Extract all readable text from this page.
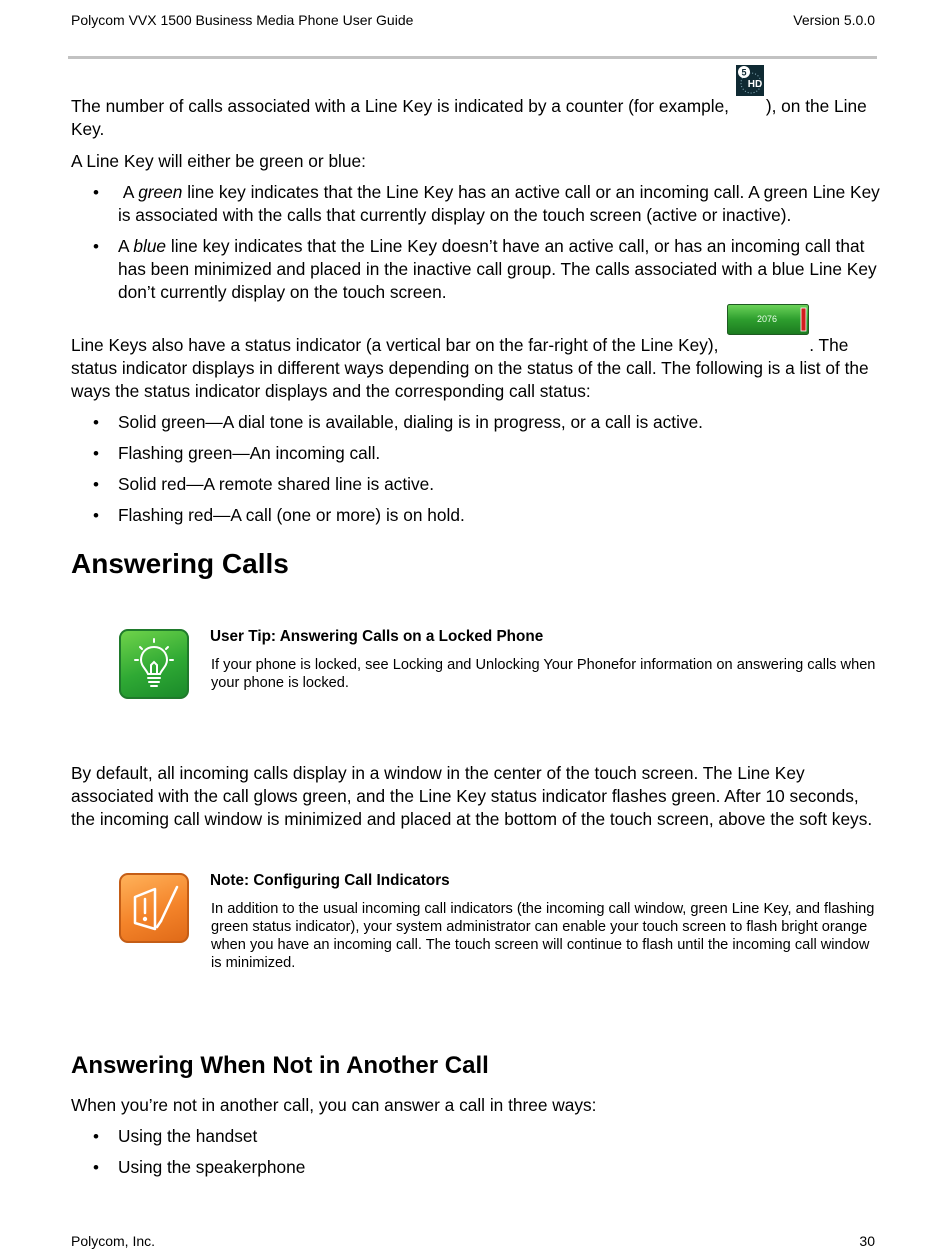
Polycom VVX 1500 Business Media Phone User Guide	Version 5.0.0

The number of calls associated with a Line Key is indicated by a counter (for example,
5
HD
), on the Line Key.

A Line Key will either be green or blue:

• A green line key indicates that the Line Key has an active call or an incoming call. A green Line Key is associated with the calls that currently display on the touch screen (active or inactive).
• A blue line key indicates that the Line Key doesn’t have an active call, or has an incoming call that has been minimized and placed in the inactive call group. The calls associated with a blue Line Key don’t currently display on the touch screen.

Line Keys also have a status indicator (a vertical bar on the far-right of the Line Key),
2076
. The status indicator displays in different ways depending on the status of the call. The following is a list of the ways the status indicator displays and the corresponding call status:

• Solid green—A dial tone is available, dialing is in progress, or a call is active.
• Flashing green—An incoming call.
• Solid red—A remote shared line is active.
• Flashing red—A call (one or more) is on hold.
Answering Calls
User Tip: Answering Calls on a Locked Phone
If your phone is locked, see Locking and Unlocking Your Phonefor information on answering calls when your phone is locked.
By default, all incoming calls display in a window in the center of the touch screen. The Line Key associated with the call glows green, and the Line Key status indicator flashes green. After 10 seconds, the incoming call window is minimized and placed at the bottom of the touch screen, above the soft keys.
Note: Configuring Call Indicators
In addition to the usual incoming call indicators (the incoming call window, green Line Key, and flashing green status indicator), your system administrator can enable your touch screen to flash bright orange when you have an incoming call. The touch screen will continue to flash until the incoming call window is minimized.
Answering When Not in Another Call

When you’re not in another call, you can answer a call in three ways:

• Using the handset
• Using the speakerphone
Polycom, Inc.	30
